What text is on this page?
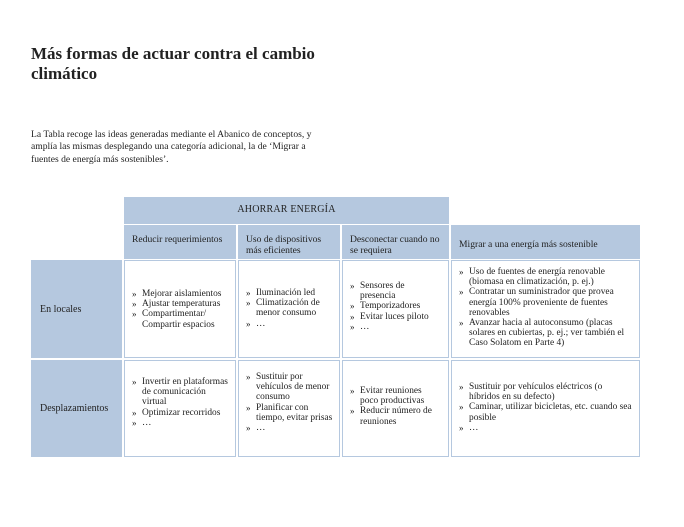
Más formas de actuar contra el cambio climático
La Tabla recoge las ideas generadas mediante el Abanico de conceptos, y amplía las mismas desplegando una categoría adicional, la de ‘Migrar a fuentes de energía más sostenibles’.
AHORRAR ENERGÍA
Reducir requerimientos	Uso de dispositivos más eficientes
Desconectar cuando no se requiera
Migrar a una energía más sostenible
En locales
Desplazamientos
» Mejorar aislamientos
» Ajustar temperaturas
» Compartimentar/ Compartir espacios
» Iluminación led
» Climatización de menor consumo
» …
» Sensores de presencia
» Temporizadores
» Evitar luces piloto
» …
» Uso de fuentes de energía renovable (biomasa en climatización, p. ej.)
» Contratar un suministrador que provea energía 100% proveniente de fuentes renovables
» Avanzar hacia al autoconsumo (placas solares en cubiertas, p. ej.; ver también el Caso Solatom en Parte 4)
» Invertir en plataformas de comunicación virtual
» Optimizar recorridos
» …
» Sustituir por vehículos de menor consumo
» Planificar con tiempo, evitar prisas
» …
» Evitar reuniones poco productivas
» Reducir número de reuniones
» Sustituir por vehículos eléctricos (o híbridos en su defecto)
» Caminar, utilizar bicicletas, etc. cuando sea posible
» …
